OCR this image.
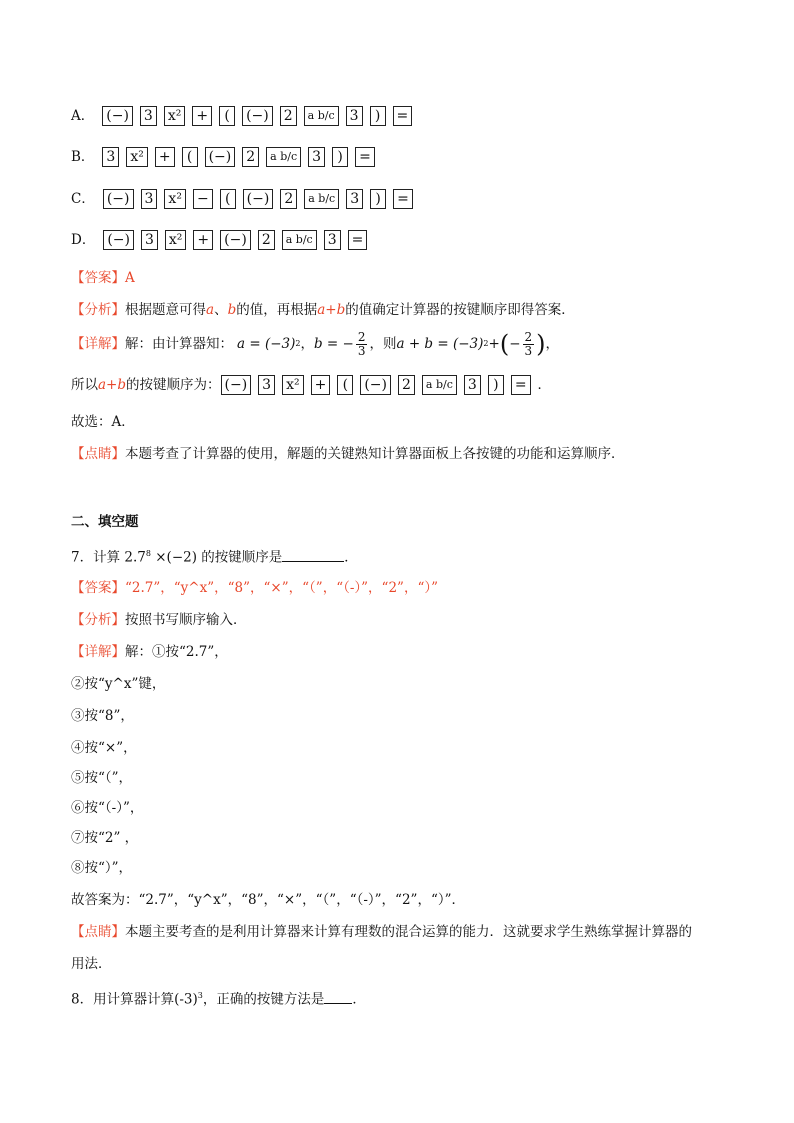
A． (−) 3 x² +	(	(−) 2	a b/c 3	)	=
B． 3 x² +	(	(−) 2	a b/c 3	)	=
C． (−) 3 x² −	(	(−) 2	a b/c 3	)	=
D． (−) 3 x² + (−) 2	a b/c 3 =
【答案】A
【分析】根据题意可得a、b的值，再根据a+b的值确定计算器的按键顺序即得答案．
【详解】 解：由计算器知： a = (−3) 2 ， b = − $\frac{2}{3}$ ，则 a + b = (−3) 2 + ( − $\frac{2}{3}$ ) ，
所以 a+b 的按键顺序为： (−) 3 x² +	(	(−) 2	a b/c 3	)	= ．
故选：A．
【点睛】本题考查了计算器的使用，解题的关键熟知计算器面板上各按键的功能和运算顺序．
二、填空题
7．计算 $2.7^8 \times(-2)$ 的按键顺序是	．
【答案】“2.7”，“y^x”，“8”，“×”，“（”，“（-）”，“2”，“）”
【分析】按照书写顺序输入．
【详解】解：①按“2.7”，
②按“y^x”键，
③按“8”，
④按“×”，
⑤按“（”，
⑥按“（-）”，
⑦按“2” ，
⑧按“）”，
故答案为：“2.7”，“y^x”，“8”，“×”，“（”，“（-）”，“2”，“）”．
【点睛】本题主要考查的是利用计算器来计算有理数的混合运算的能力．这就要求学生熟练掌握计算器的
用法．
8．用计算器计算$(-3)^3$，正确的按键方法是 ．
